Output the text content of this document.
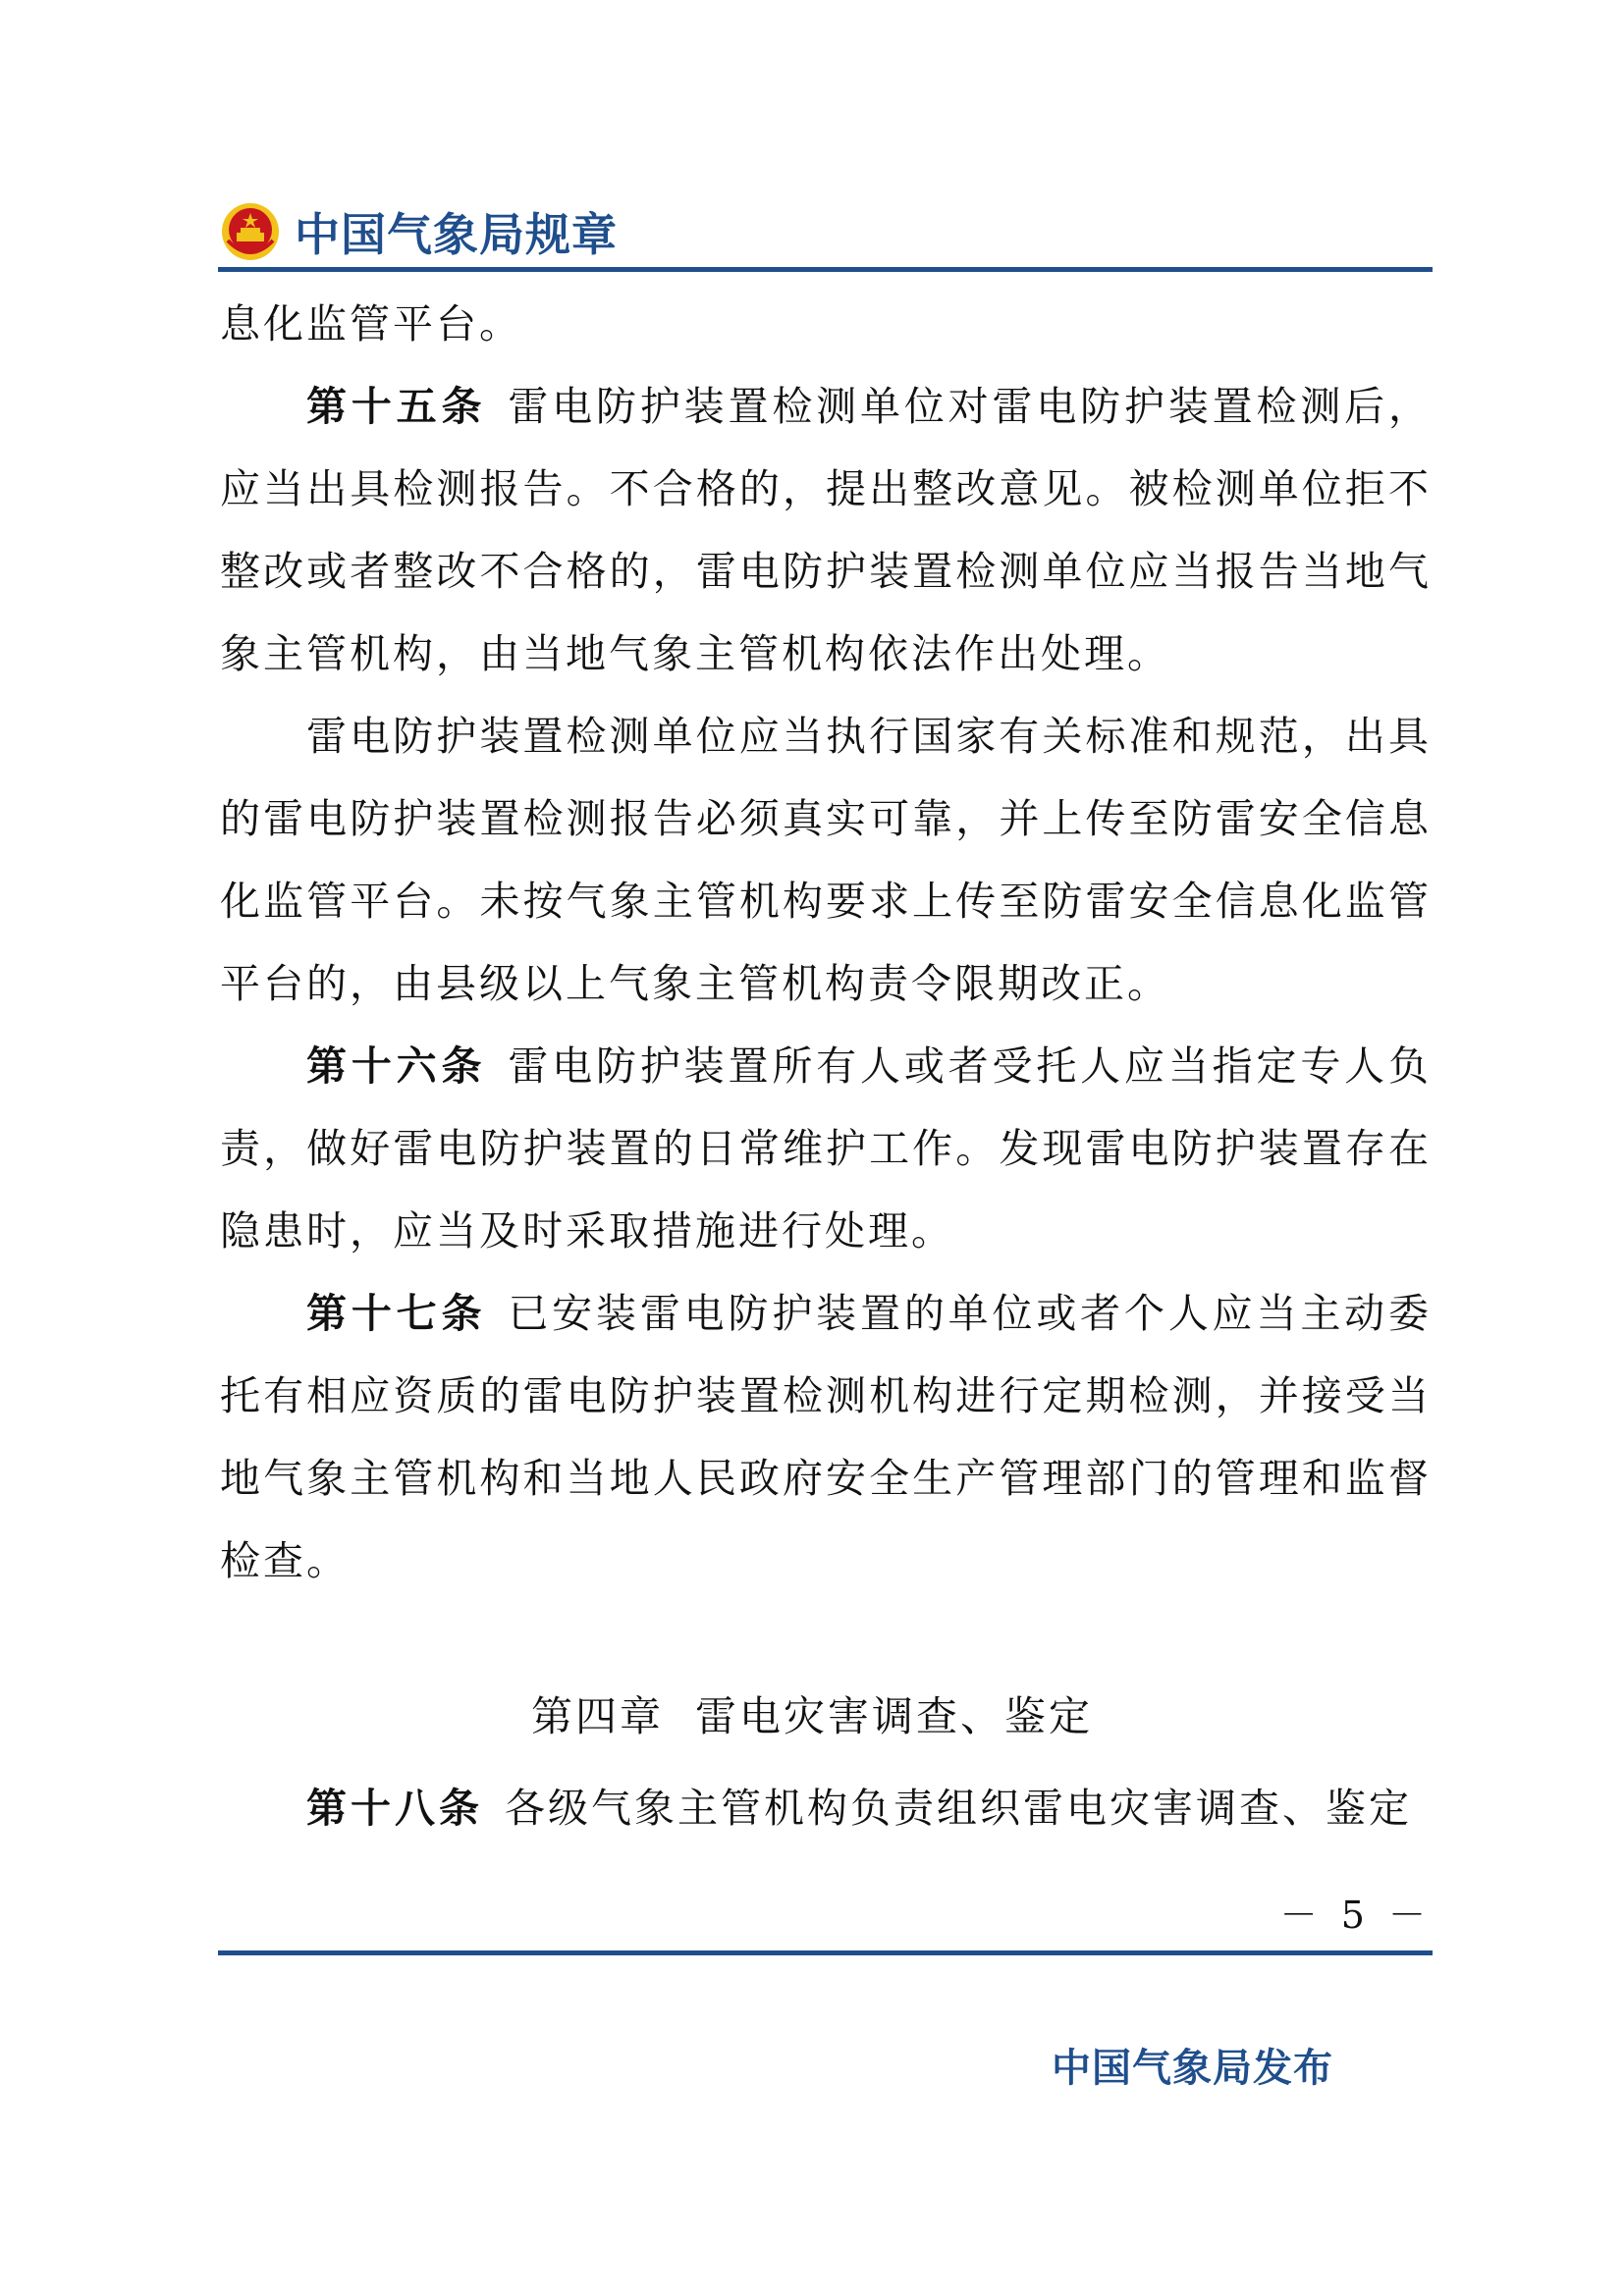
中国气象局规章

息化监管平台。

第十五条 雷电防护装置检测单位对雷电防护装置检测后，应当出具检测报告。不合格的，提出整改意见。被检测单位拒不整改或者整改不合格的，雷电防护装置检测单位应当报告当地气象主管机构，由当地气象主管机构依法作出处理。

雷电防护装置检测单位应当执行国家有关标准和规范，出具的雷电防护装置检测报告必须真实可靠，并上传至防雷安全信息化监管平台。未按气象主管机构要求上传至防雷安全信息化监管平台的，由县级以上气象主管机构责令限期改正。

第十六条 雷电防护装置所有人或者受托人应当指定专人负责，做好雷电防护装置的日常维护工作。发现雷电防护装置存在隐患时，应当及时采取措施进行处理。

第十七条 已安装雷电防护装置的单位或者个人应当主动委托有相应资质的雷电防护装置检测机构进行定期检测，并接受当地气象主管机构和当地人民政府安全生产管理部门的管理和监督检查。

第四章 雷电灾害调查、鉴定

第十八条 各级气象主管机构负责组织雷电灾害调查、鉴定

－ 5 －
中国气象局发布
